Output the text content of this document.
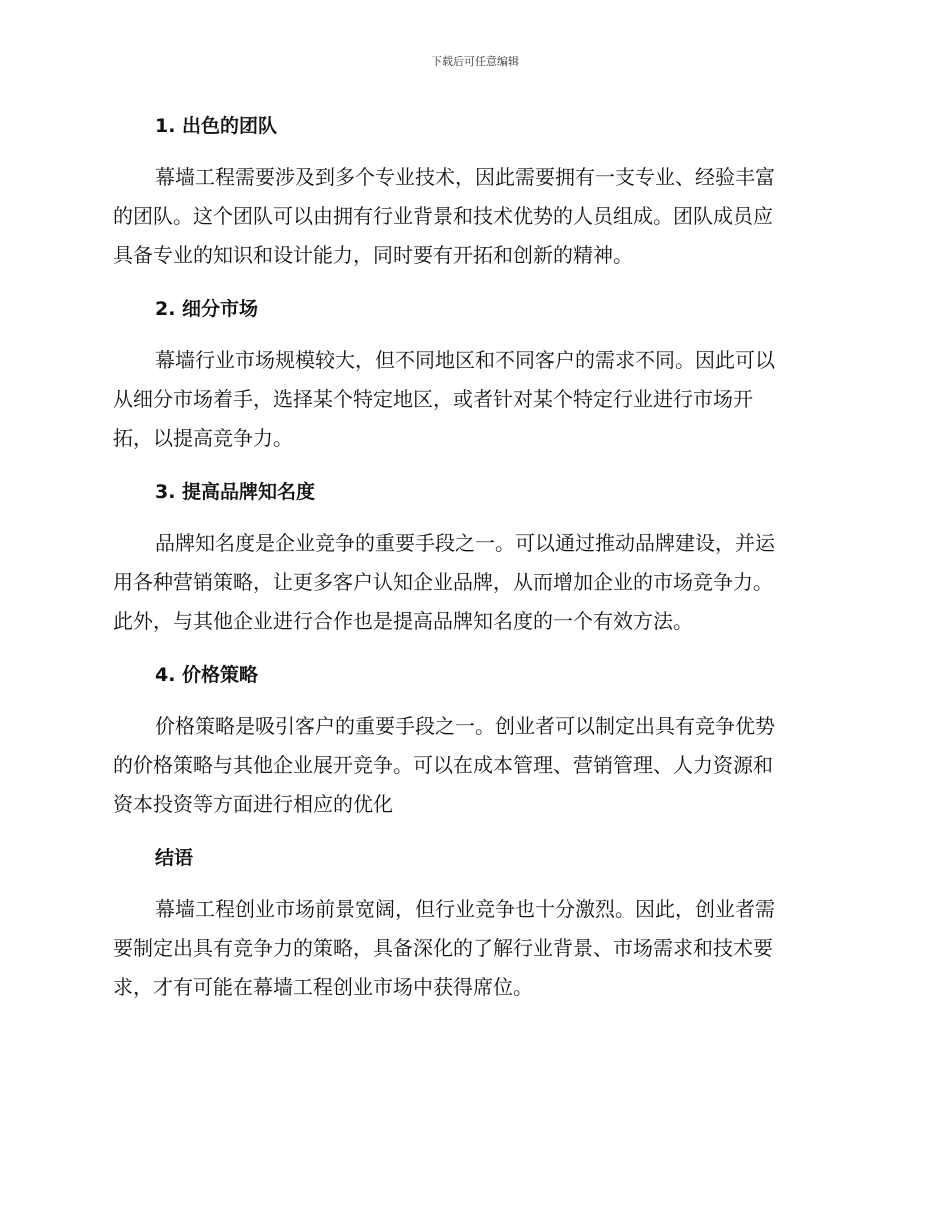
下载后可任意编辑
1. 出色的团队
幕墙工程需要涉及到多个专业技术，因此需要拥有一支专业、经验丰富
的团队。这个团队可以由拥有行业背景和技术优势的人员组成。团队成员应
具备专业的知识和设计能力，同时要有开拓和创新的精神。
2. 细分市场
幕墙行业市场规模较大，但不同地区和不同客户的需求不同。因此可以
从细分市场着手，选择某个特定地区，或者针对某个特定行业进行市场开
拓，以提高竞争力。
3. 提高品牌知名度
品牌知名度是企业竞争的重要手段之一。可以通过推动品牌建设，并运
用各种营销策略，让更多客户认知企业品牌，从而增加企业的市场竞争力。
此外，与其他企业进行合作也是提高品牌知名度的一个有效方法。
4. 价格策略
价格策略是吸引客户的重要手段之一。创业者可以制定出具有竞争优势
的价格策略与其他企业展开竞争。可以在成本管理、营销管理、人力资源和
资本投资等方面进行相应的优化
结语
幕墙工程创业市场前景宽阔，但行业竞争也十分激烈。因此，创业者需
要制定出具有竞争力的策略，具备深化的了解行业背景、市场需求和技术要
求，才有可能在幕墙工程创业市场中获得席位。
